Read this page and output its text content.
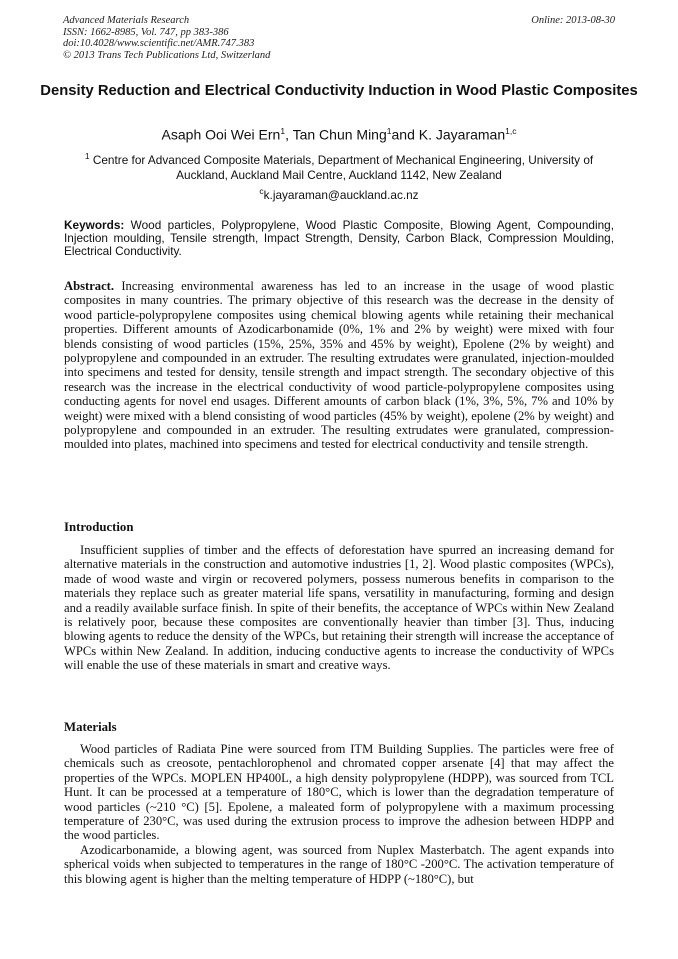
Advanced Materials Research
ISSN: 1662-8985, Vol. 747, pp 383-386
doi:10.4028/www.scientific.net/AMR.747.383
© 2013 Trans Tech Publications Ltd, Switzerland
Online: 2013-08-30
Density Reduction and Electrical Conductivity Induction in Wood Plastic Composites
Asaph Ooi Wei Ern$^1$, Tan Chun Ming$^1$and K. Jayaraman$^{1,c}$
$^1$ Centre for Advanced Composite Materials, Department of Mechanical Engineering, University of Auckland, Auckland Mail Centre, Auckland 1142, New Zealand
$^c$k.jayaraman@auckland.ac.nz
Keywords: Wood particles, Polypropylene, Wood Plastic Composite, Blowing Agent, Compounding, Injection moulding, Tensile strength, Impact Strength, Density, Carbon Black, Compression Moulding, Electrical Conductivity.
Abstract. Increasing environmental awareness has led to an increase in the usage of wood plastic composites in many countries. The primary objective of this research was the decrease in the density of wood particle-polypropylene composites using chemical blowing agents while retaining their mechanical properties. Different amounts of Azodicarbonamide (0%, 1% and 2% by weight) were mixed with four blends consisting of wood particles (15%, 25%, 35% and 45% by weight), Epolene (2% by weight) and polypropylene and compounded in an extruder. The resulting extrudates were granulated, injection-moulded into specimens and tested for density, tensile strength and impact strength. The secondary objective of this research was the increase in the electrical conductivity of wood particle-polypropylene composites using conducting agents for novel end usages. Different amounts of carbon black (1%, 3%, 5%, 7% and 10% by weight) were mixed with a blend consisting of wood particles (45% by weight), epolene (2% by weight) and polypropylene and compounded in an extruder. The resulting extrudates were granulated, compression-moulded into plates, machined into specimens and tested for electrical conductivity and tensile strength.
Introduction

Insufficient supplies of timber and the effects of deforestation have spurred an increasing demand for alternative materials in the construction and automotive industries [1, 2]. Wood plastic composites (WPCs), made of wood waste and virgin or recovered polymers, possess numerous benefits in comparison to the materials they replace such as greater material life spans, versatility in manufacturing, forming and design and a readily available surface finish. In spite of their benefits, the acceptance of WPCs within New Zealand is relatively poor, because these composites are conventionally heavier than timber [3]. Thus, inducing blowing agents to reduce the density of the WPCs, but retaining their strength will increase the acceptance of WPCs within New Zealand. In addition, inducing conductive agents to increase the conductivity of WPCs will enable the use of these materials in smart and creative ways.

Materials

Wood particles of Radiata Pine were sourced from ITM Building Supplies. The particles were free of chemicals such as creosote, pentachlorophenol and chromated copper arsenate [4] that may affect the properties of the WPCs. MOPLEN HP400L, a high density polypropylene (HDPP), was sourced from TCL Hunt. It can be processed at a temperature of 180°C, which is lower than the degradation temperature of wood particles (~210 °C) [5]. Epolene, a maleated form of polypropylene with a maximum processing temperature of 230°C, was used during the extrusion process to improve the adhesion between HDPP and the wood particles.

Azodicarbonamide, a blowing agent, was sourced from Nuplex Masterbatch. The agent expands into spherical voids when subjected to temperatures in the range of 180°C -200°C. The activation temperature of this blowing agent is higher than the melting temperature of HDPP (~180°C), but
